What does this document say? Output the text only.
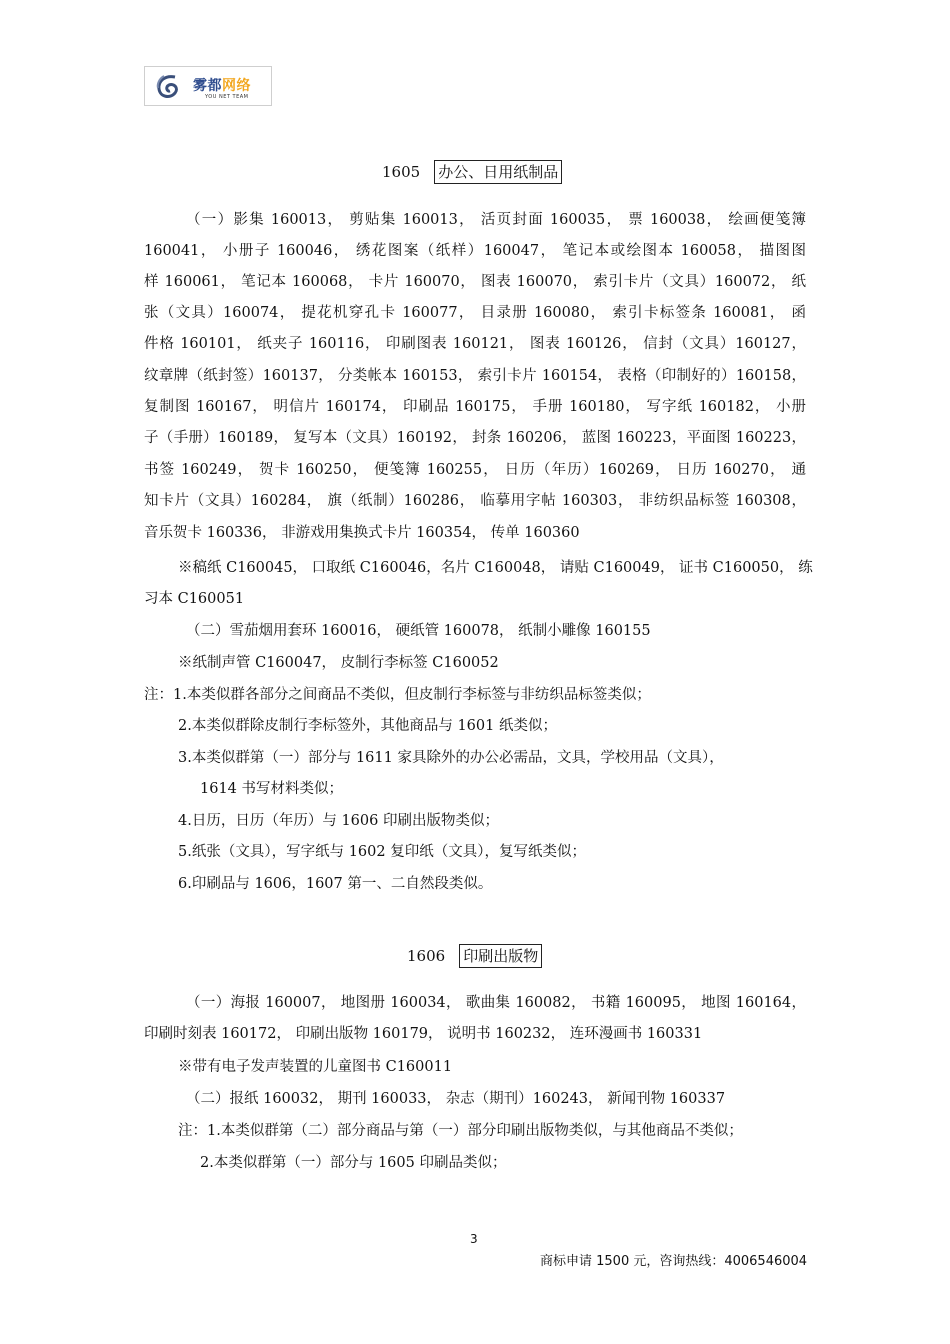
雾都网络
YOU NET TEAM
1605 办公、日用纸制品
（一）影集 160013， 剪贴集 160013， 活页封面 160035， 票 160038， 绘画便笺簿
160041， 小册子 160046， 绣花图案（纸样）160047， 笔记本或绘图本 160058， 描图图
样 160061， 笔记本 160068， 卡片 160070， 图表 160070， 索引卡片（文具）160072， 纸
张（文具）160074， 提花机穿孔卡 160077， 目录册 160080， 索引卡标签条 160081， 函
件格 160101， 纸夹子 160116， 印刷图表 160121， 图表 160126， 信封（文具）160127，
纹章牌（纸封签）160137， 分类帐本 160153， 索引卡片 160154， 表格（印制好的）160158，
复制图 160167， 明信片 160174， 印刷品 160175， 手册 160180， 写字纸 160182， 小册
子（手册）160189， 复写本（文具）160192， 封条 160206， 蓝图 160223，平面图 160223，
书签 160249， 贺卡 160250， 便笺簿 160255， 日历（年历）160269， 日历 160270， 通
知卡片（文具）160284， 旗（纸制）160286， 临摹用字帖 160303， 非纺织品标签 160308，
音乐贺卡 160336， 非游戏用集换式卡片 160354， 传单 160360
※稿纸 C160045， 口取纸 C160046，名片 C160048， 请贴 C160049， 证书 C160050， 练
习本 C160051
（二）雪茄烟用套环 160016， 硬纸管 160078， 纸制小雕像 160155
※纸制声管 C160047， 皮制行李标签 C160052
注：1.本类似群各部分之间商品不类似，但皮制行李标签与非纺织品标签类似；
2.本类似群除皮制行李标签外，其他商品与 1601 纸类似；
3.本类似群第（一）部分与 1611 家具除外的办公必需品，文具，学校用品（文具），
1614 书写材料类似；
4.日历，日历（年历）与 1606 印刷出版物类似；
5.纸张（文具），写字纸与 1602 复印纸（文具），复写纸类似；
6.印刷品与 1606，1607 第一、二自然段类似。
1606 印刷出版物
（一）海报 160007， 地图册 160034， 歌曲集 160082， 书籍 160095， 地图 160164，
印刷时刻表 160172， 印刷出版物 160179， 说明书 160232， 连环漫画书 160331
※带有电子发声装置的儿童图书 C160011
（二）报纸 160032， 期刊 160033， 杂志（期刊）160243， 新闻刊物 160337
注：1.本类似群第（二）部分商品与第（一）部分印刷出版物类似，与其他商品不类似；
2.本类似群第（一）部分与 1605 印刷品类似；
3
商标申请 1500 元，咨询热线：4006546004
